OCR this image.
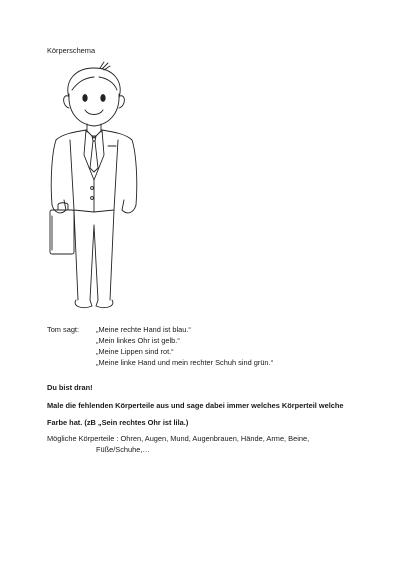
Körperschema
Tom sagt: „Meine rechte Hand ist blau.“
„Mein linkes Ohr ist gelb.“
„Meine Lippen sind rot.“
„Meine linke Hand und mein rechter Schuh sind grün.“
Du bist dran!
Male die fehlenden Körperteile aus und sage dabei immer welches Körperteil welche
Farbe hat. (zB „Sein rechtes Ohr ist lila.)
Mögliche Körperteile : Ohren, Augen, Mund, Augenbrauen, Hände, Arme, Beine,
Füße/Schuhe,…
